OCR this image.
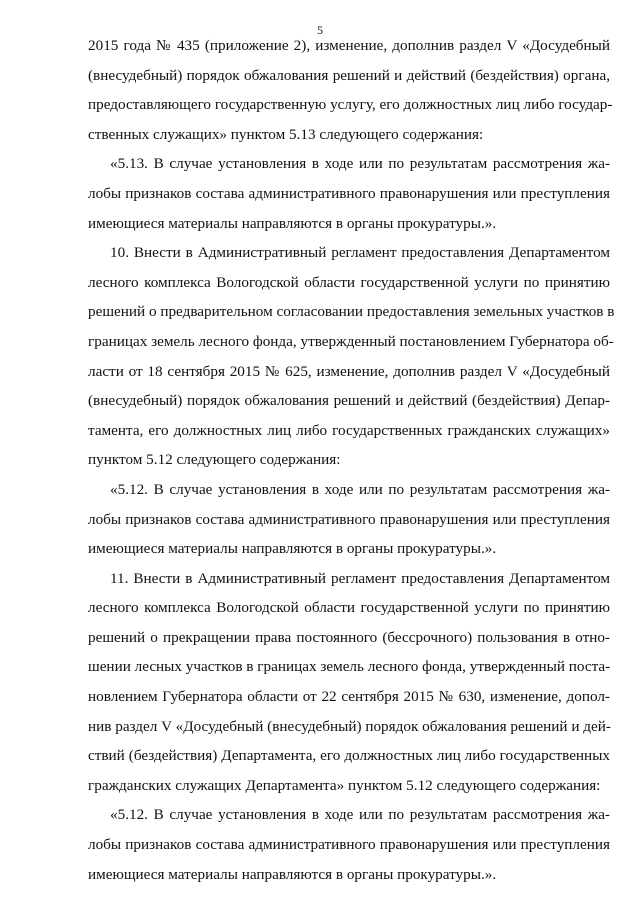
5
2015 года № 435 (приложение 2), изменение, дополнив раздел V «Досудебный
(внесудебный) порядок обжалования решений и действий (бездействия) органа,
предоставляющего государственную услугу, его должностных лиц либо государ-
ственных служащих» пунктом 5.13 следующего содержания:
«5.13. В случае установления в ходе или по результатам рассмотрения жа-
лобы признаков состава административного правонарушения или преступления
имеющиеся материалы направляются в органы прокуратуры.».
10. Внести в Административный регламент предоставления Департаментом
лесного комплекса Вологодской области государственной услуги по принятию
решений о предварительном согласовании предоставления земельных участков в
границах земель лесного фонда, утвержденный постановлением Губернатора об-
ласти от 18 сентября 2015 № 625, изменение, дополнив раздел V «Досудебный
(внесудебный) порядок обжалования решений и действий (бездействия) Депар-
тамента, его должностных лиц либо государственных гражданских служащих»
пунктом 5.12 следующего содержания:
«5.12. В случае установления в ходе или по результатам рассмотрения жа-
лобы признаков состава административного правонарушения или преступления
имеющиеся материалы направляются в органы прокуратуры.».
11. Внести в Административный регламент предоставления Департаментом
лесного комплекса Вологодской области государственной услуги по принятию
решений о прекращении права постоянного (бессрочного) пользования в отно-
шении лесных участков в границах земель лесного фонда, утвержденный поста-
новлением Губернатора области от 22 сентября 2015 № 630, изменение, допол-
нив раздел V «Досудебный (внесудебный) порядок обжалования решений и дей-
ствий (бездействия) Департамента, его должностных лиц либо государственных
гражданских служащих Департамента» пунктом 5.12 следующего содержания:
«5.12. В случае установления в ходе или по результатам рассмотрения жа-
лобы признаков состава административного правонарушения или преступления
имеющиеся материалы направляются в органы прокуратуры.».
